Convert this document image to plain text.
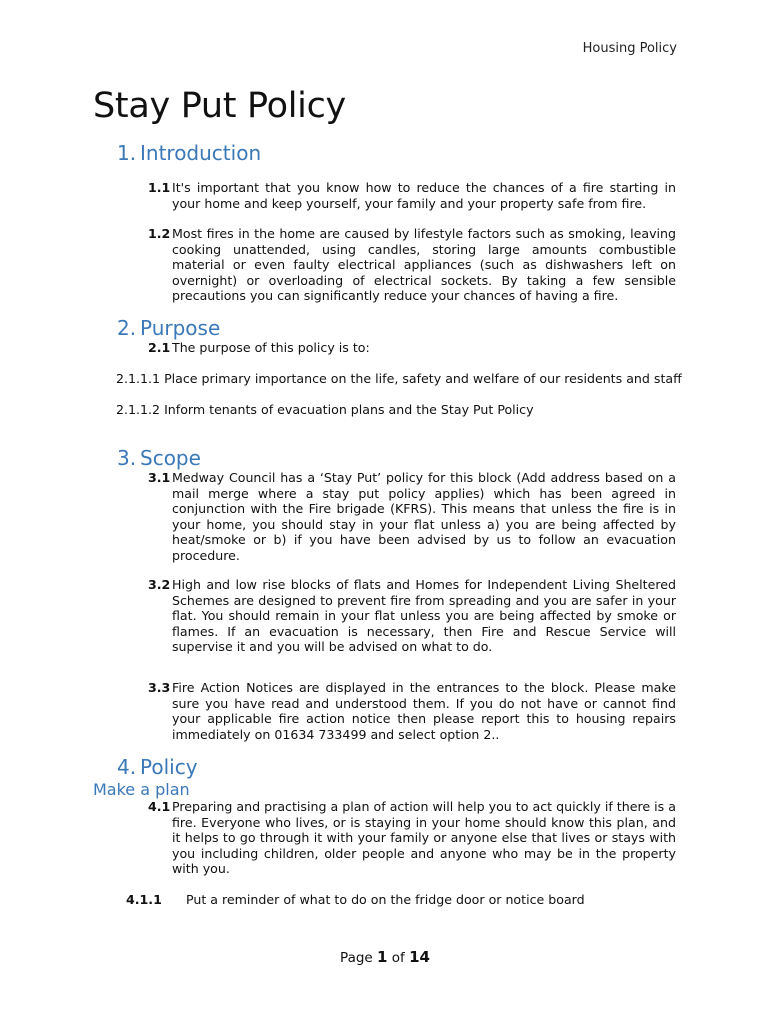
Housing Policy
Stay Put Policy
1. Introduction
1.1 It's important that you know how to reduce the chances of a fire starting in your home and keep yourself, your family and your property safe from fire.
1.2 Most fires in the home are caused by lifestyle factors such as smoking, leaving cooking unattended, using candles, storing large amounts combustible material or even faulty electrical appliances (such as dishwashers left on overnight) or overloading of electrical sockets. By taking a few sensible precautions you can significantly reduce your chances of having a fire.
2. Purpose
2.1 The purpose of this policy is to:
2.1.1.1 Place primary importance on the life, safety and welfare of our residents and staff
2.1.1.2 Inform tenants of evacuation plans and the Stay Put Policy
3. Scope
3.1 Medway Council has a ‘Stay Put’ policy for this block (Add address based on a mail merge where a stay put policy applies) which has been agreed in conjunction with the Fire brigade (KFRS). This means that unless the fire is in your home, you should stay in your flat unless a) you are being affected by heat/smoke or b) if you have been advised by us to follow an evacuation procedure.
3.2 High and low rise blocks of flats and Homes for Independent Living Sheltered Schemes are designed to prevent fire from spreading and you are safer in your flat. You should remain in your flat unless you are being affected by smoke or flames. If an evacuation is necessary, then Fire and Rescue Service will supervise it and you will be advised on what to do.
3.3 Fire Action Notices are displayed in the entrances to the block. Please make sure you have read and understood them. If you do not have or cannot find your applicable fire action notice then please report this to housing repairs immediately on 01634 733499 and select option 2..
4. Policy
Make a plan
4.1 Preparing and practising a plan of action will help you to act quickly if there is a fire. Everyone who lives, or is staying in your home should know this plan, and it helps to go through it with your family or anyone else that lives or stays with you including children, older people and anyone who may be in the property with you.
4.1.1 Put a reminder of what to do on the fridge door or notice board
Page 1 of 14
